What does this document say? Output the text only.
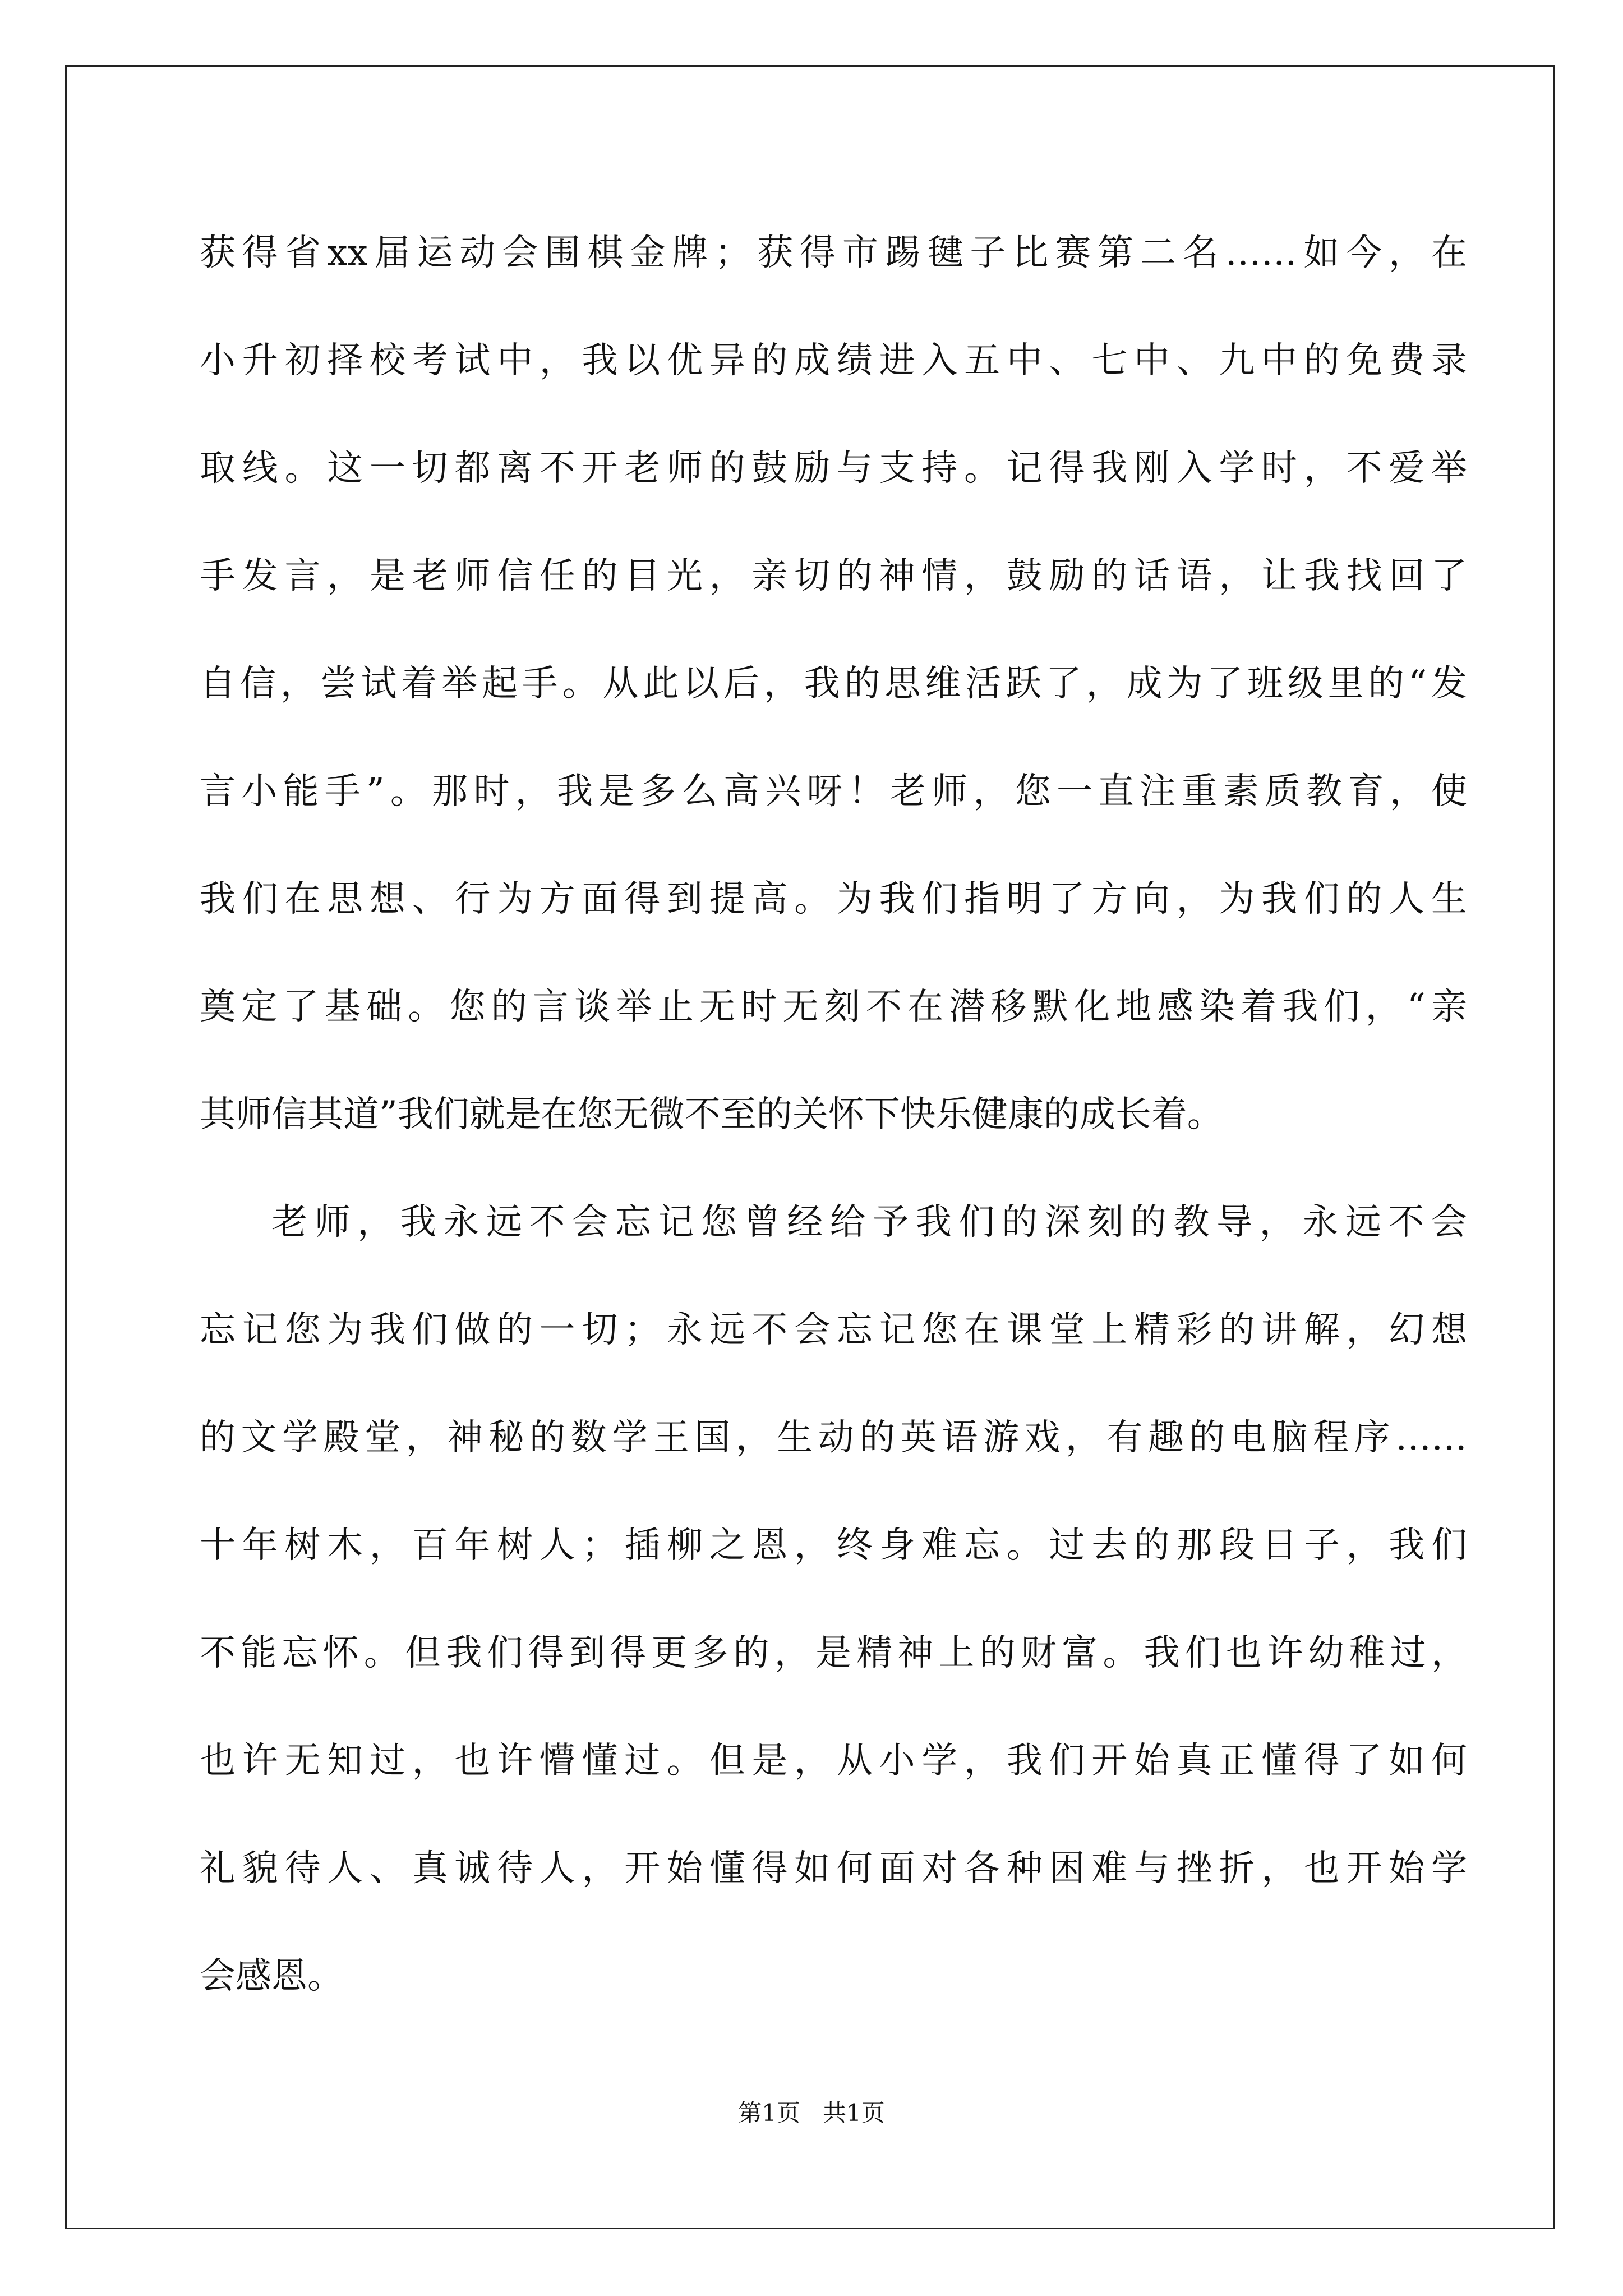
获得省xx届运动会围棋金牌；获得市踢毽子比赛第二名……如今，在
小升初择校考试中，我以优异的成绩进入五中、七中、九中的免费录
取线。这一切都离不开老师的鼓励与支持。记得我刚入学时，不爱举
手发言，是老师信任的目光，亲切的神情，鼓励的话语，让我找回了
自信，尝试着举起手。从此以后，我的思维活跃了，成为了班级里的“发
言小能手”。那时，我是多么高兴呀！老师，您一直注重素质教育，使
我们在思想、行为方面得到提高。为我们指明了方向，为我们的人生
奠定了基础。您的言谈举止无时无刻不在潜移默化地感染着我们，“亲
其师信其道”我们就是在您无微不至的关怀下快乐健康的成长着。
老师，我永远不会忘记您曾经给予我们的深刻的教导，永远不会
忘记您为我们做的一切；永远不会忘记您在课堂上精彩的讲解，幻想
的文学殿堂，神秘的数学王国，生动的英语游戏，有趣的电脑程序……
十年树木，百年树人；插柳之恩，终身难忘。过去的那段日子，我们
不能忘怀。但我们得到得更多的，是精神上的财富。我们也许幼稚过，
也许无知过，也许懵懂过。但是，从小学，我们开始真正懂得了如何
礼貌待人、真诚待人，开始懂得如何面对各种困难与挫折，也开始学
会感恩。
第1页   共1页
